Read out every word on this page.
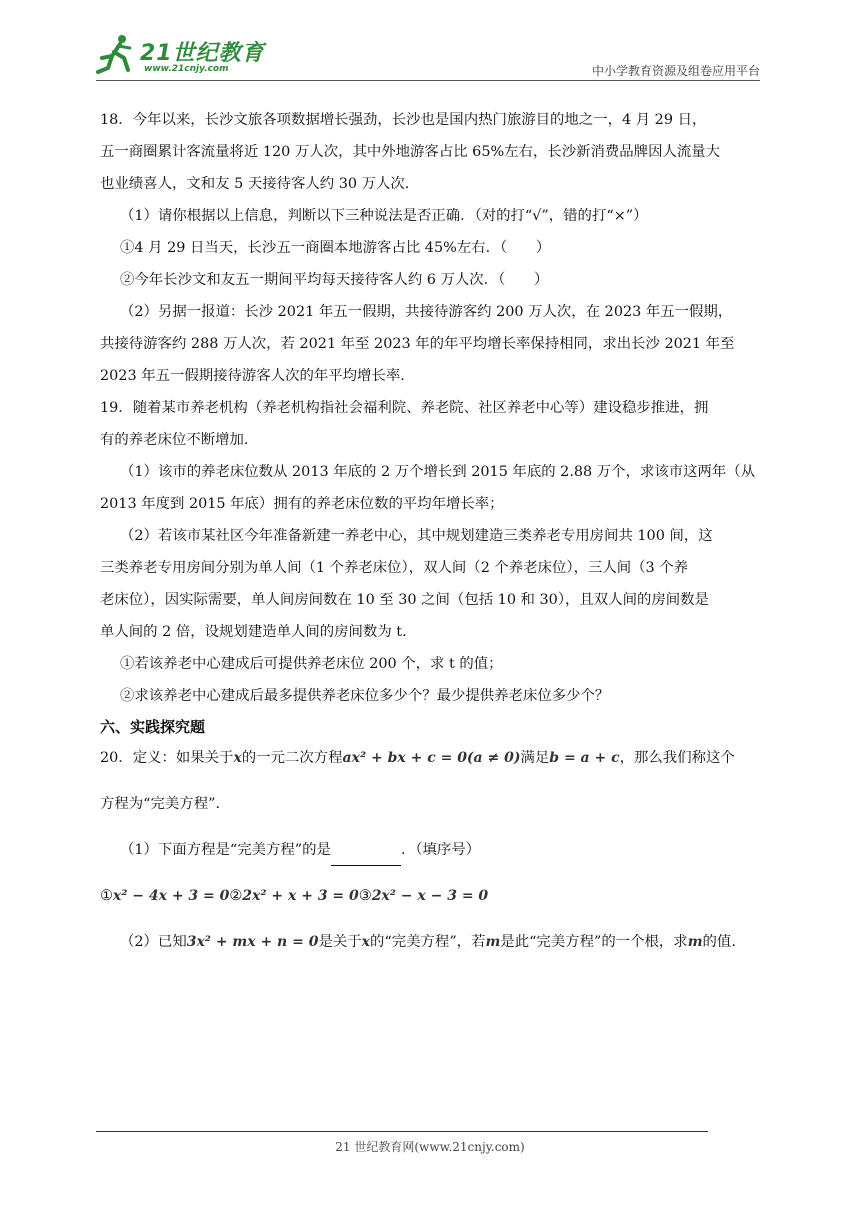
21世纪教育
www.21cnjy.com	中小学教育资源及组卷应用平台

18．今年以来，长沙文旅各项数据增长强劲，长沙也是国内热门旅游目的地之一，4 月 29 日，

五一商圈累计客流量将近 120 万人次，其中外地游客占比 65%左右，长沙新消费品牌因人流量大

也业绩喜人，文和友 5 天接待客人约 30 万人次.

（1）请你根据以上信息，判断以下三种说法是否正确．（对的打“√”，错的打“×”）

①4 月 29 日当天，长沙五一商圈本地游客占比 45%左右．（　　）

②今年长沙文和友五一期间平均每天接待客人约 6 万人次．（　　）

（2）另据一报道：长沙 2021 年五一假期，共接待游客约 200 万人次，在 2023 年五一假期，

共接待游客约 288 万人次，若 2021 年至 2023 年的年平均增长率保持相同，求出长沙 2021 年至

2023 年五一假期接待游客人次的年平均增长率.

19．随着某市养老机构（养老机构指社会福利院、养老院、社区养老中心等）建设稳步推进，拥

有的养老床位不断增加.

（1）该市的养老床位数从 2013 年底的 2 万个增长到 2015 年底的 2.88 万个，求该市这两年（从

2013 年度到 2015 年底）拥有的养老床位数的平均年增长率；

（2）若该市某社区今年准备新建一养老中心，其中规划建造三类养老专用房间共 100 间，这

三类养老专用房间分别为单人间（1 个养老床位），双人间（2 个养老床位），三人间（3 个养

老床位），因实际需要，单人间房间数在 10 至 30 之间（包括 10 和 30），且双人间的房间数是

单人间的 2 倍，设规划建造单人间的房间数为 t.

①若该养老中心建成后可提供养老床位 200 个，求 t 的值；

②求该养老中心建成后最多提供养老床位多少个？最少提供养老床位多少个？

六、实践探究题

20．定义：如果关于x的一元二次方程ax² + bx + c = 0(a ≠ 0)满足b = a + c，那么我们称这个

方程为“完美方程”.

（1）下面方程是“完美方程”的是	．（填序号）

①x² − 4x + 3 = 0②2x² + x + 3 = 0③2x² − x − 3 = 0

（2）已知3x² + mx + n = 0是关于x的“完美方程”，若m是此“完美方程”的一个根，求m的值.

21 世纪教育网(www.21cnjy.com)
